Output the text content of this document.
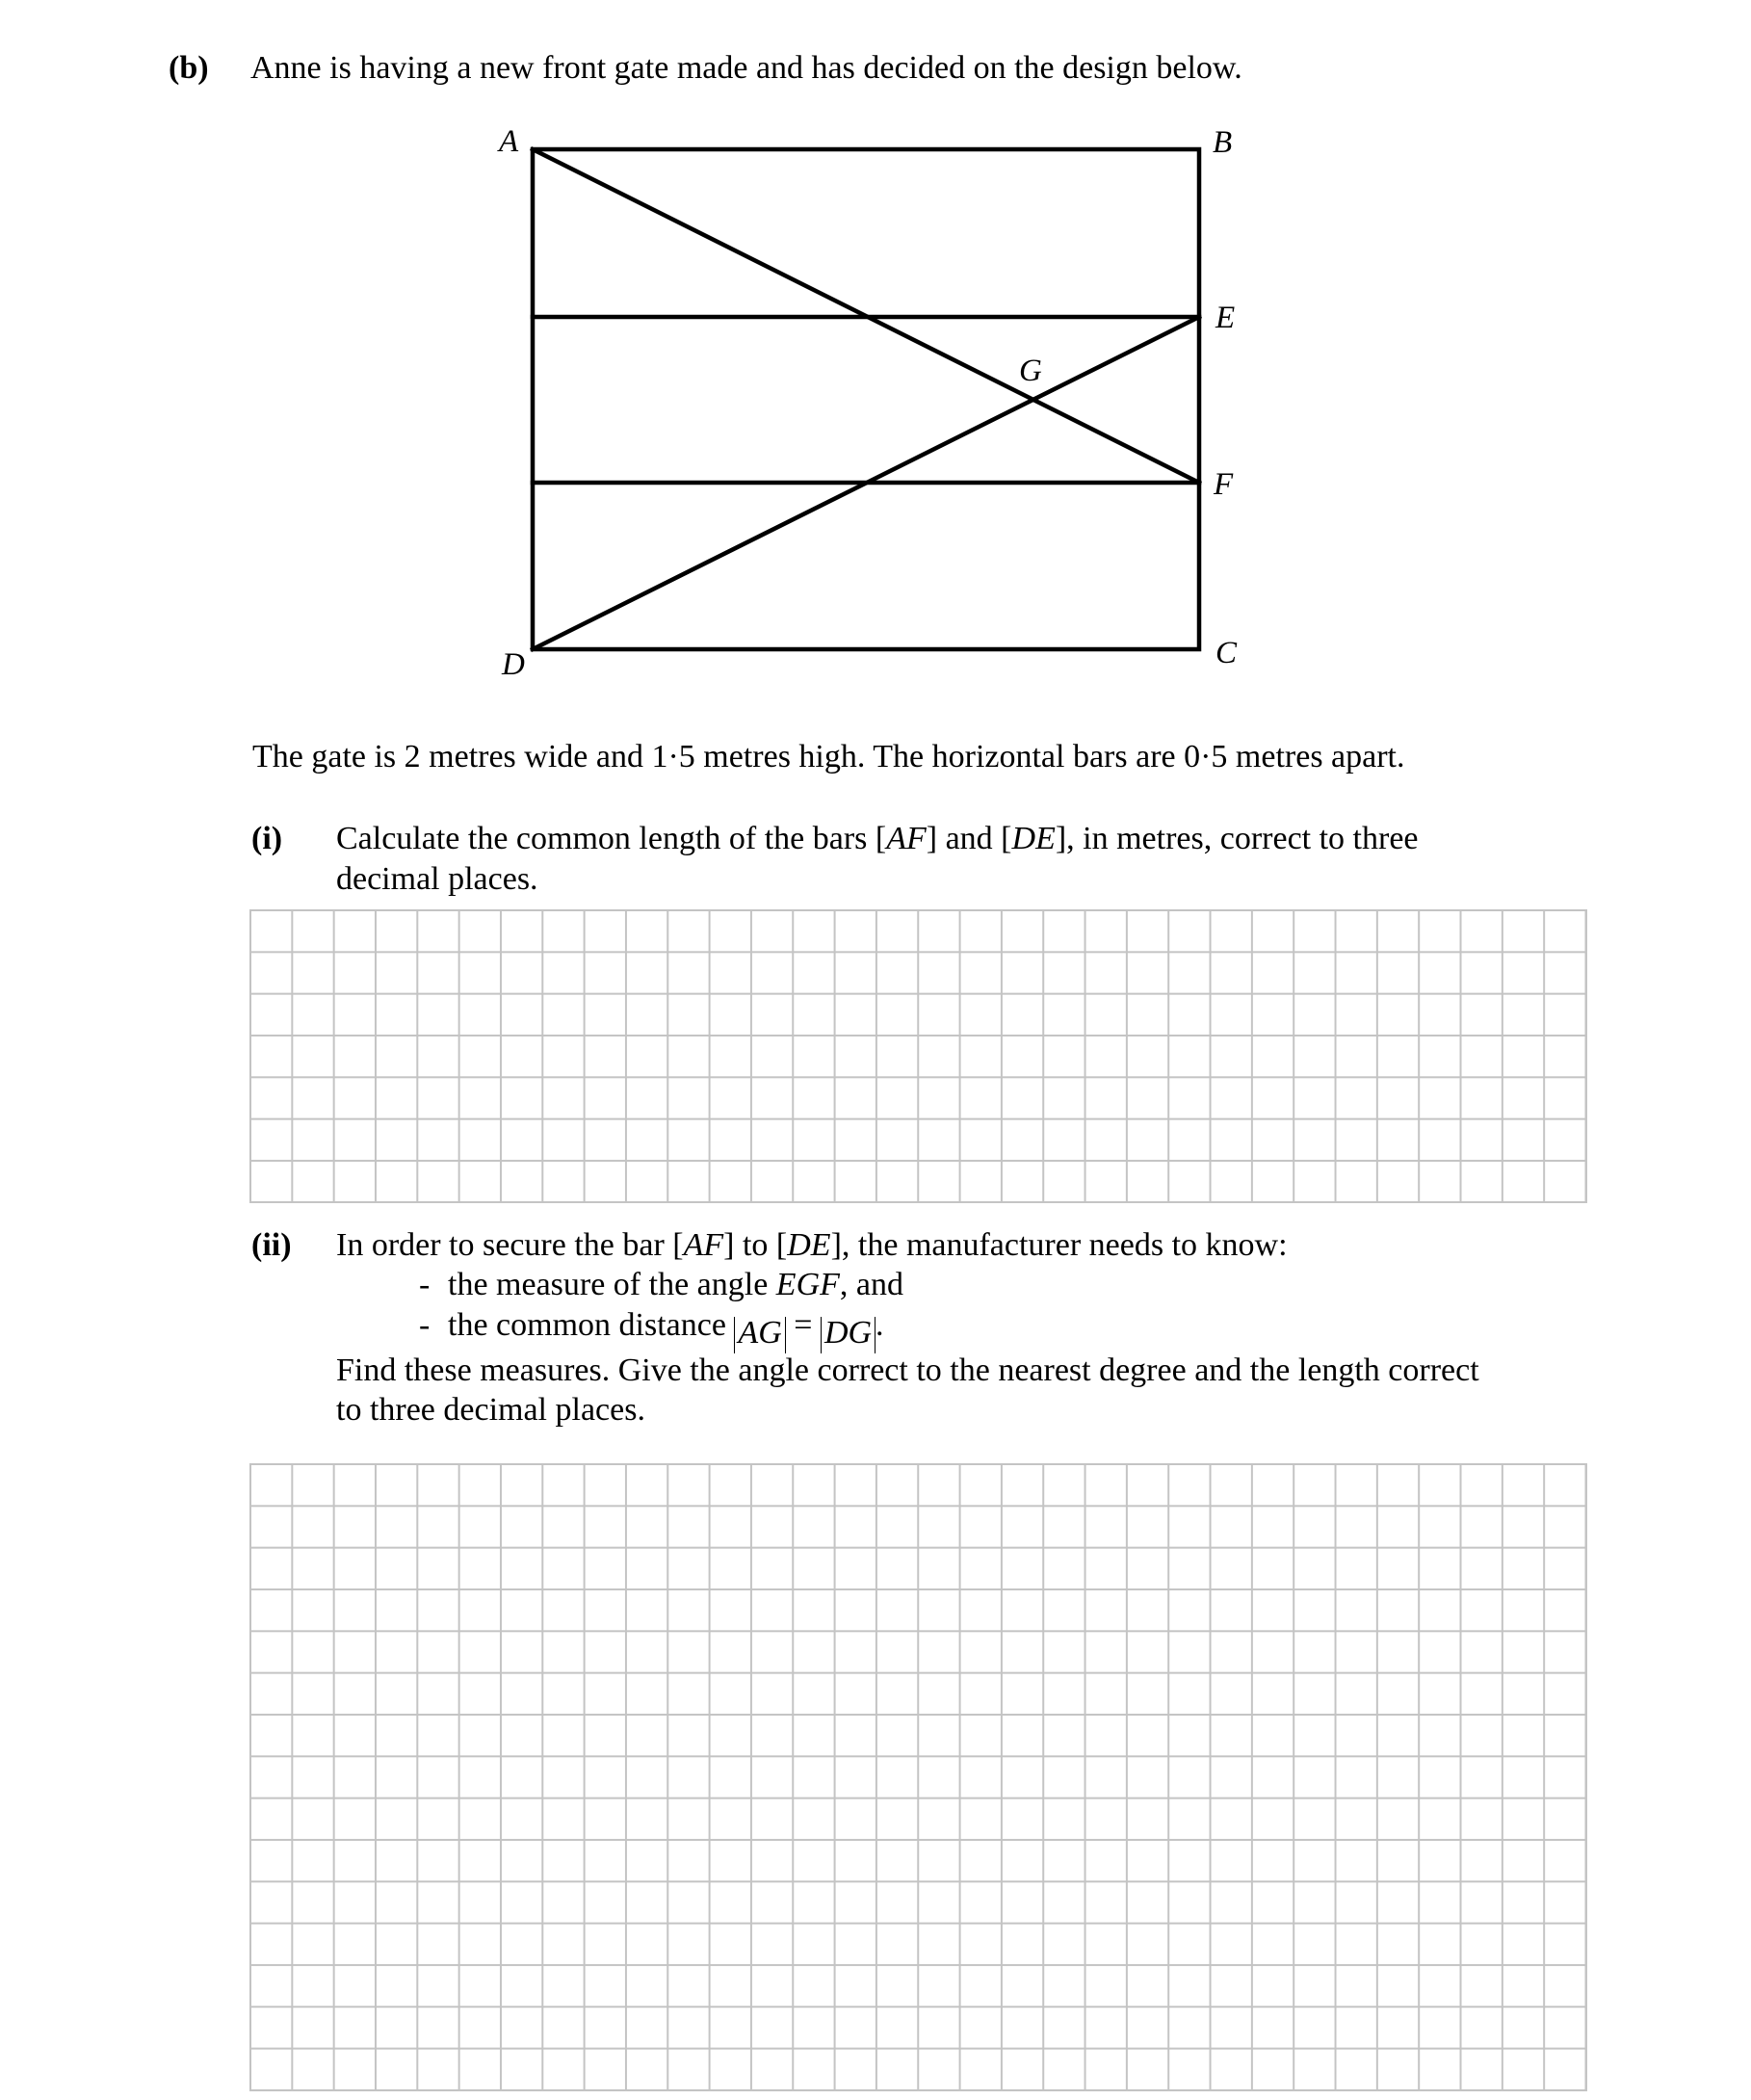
(b) Anne is having a new front gate made and has decided on the design below.
A	B
E
G
F
C
D
The gate is 2 metres wide and 1·5 metres high. The horizontal bars are 0·5 metres apart.
(i) Calculate the common length of the bars [AF] and [DE], in metres, correct to three
decimal places.
(ii) In order to secure the bar [AF] to [DE], the manufacturer needs to know:
- the measure of the angle EGF, and
- the common distance AG = DG .
Find these measures. Give the angle correct to the nearest degree and the length correct
to three decimal places.
